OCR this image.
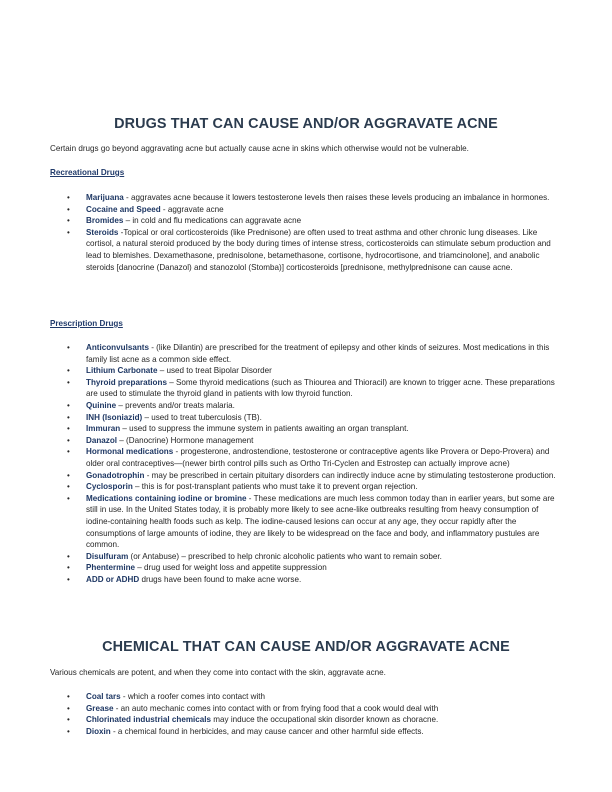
DRUGS THAT CAN CAUSE AND/OR AGGRAVATE ACNE

Certain drugs go beyond aggravating acne but actually cause acne in skins which otherwise would not be vulnerable.

Recreational Drugs

• Marijuana - aggravates acne because it lowers testosterone levels then raises these levels producing an imbalance in hormones.
• Cocaine and Speed - aggravate acne
• Bromides – in cold and flu medications can aggravate acne
• Steroids -Topical or oral corticosteroids (like Prednisone) are often used to treat asthma and other chronic lung diseases. Like cortisol, a natural steroid produced by the body during times of intense stress, corticosteroids can stimulate sebum production and lead to blemishes. Dexamethasone, prednisolone, betamethasone, cortisone, hydrocortisone, and triamcinolone], and anabolic steroids [danocrine (Danazol) and stanozolol (Stomba)] corticosteroids [prednisone, methylprednisone can cause acne.

Prescription Drugs

• Anticonvulsants - (like Dilantin) are prescribed for the treatment of epilepsy and other kinds of seizures. Most medications in this family list acne as a common side effect.
• Lithium Carbonate – used to treat Bipolar Disorder
• Thyroid preparations – Some thyroid medications (such as Thiourea and Thioracil) are known to trigger acne. These preparations are used to stimulate the thyroid gland in patients with low thyroid function.
• Quinine – prevents and/or treats malaria.
• INH (Isoniazid) – used to treat tuberculosis (TB).
• Immuran – used to suppress the immune system in patients awaiting an organ transplant.
• Danazol – (Danocrine) Hormone management
• Hormonal medications - progesterone, androstendione, testosterone or contraceptive agents like Provera or Depo-Provera) and older oral contraceptives—(newer birth control pills such as Ortho Tri-Cyclen and Estrostep can actually improve acne)
• Gonadotrophin - may be prescribed in certain pituitary disorders can indirectly induce acne by stimulating testosterone production.
• Cyclosporin – this is for post-transplant patients who must take it to prevent organ rejection.
• Medications containing iodine or bromine - These medications are much less common today than in earlier years, but some are still in use. In the United States today, it is probably more likely to see acne-like outbreaks resulting from heavy consumption of iodine-containing health foods such as kelp. The iodine-caused lesions can occur at any age, they occur rapidly after the consumptions of large amounts of iodine, they are likely to be widespread on the face and body, and inflammatory pustules are common.
• Disulfuram (or Antabuse) – prescribed to help chronic alcoholic patients who want to remain sober.
• Phentermine – drug used for weight loss and appetite suppression
• ADD or ADHD drugs have been found to make acne worse.
CHEMICAL THAT CAN CAUSE AND/OR AGGRAVATE ACNE

Various chemicals are potent, and when they come into contact with the skin, aggravate acne.

• Coal tars - which a roofer comes into contact with
• Grease - an auto mechanic comes into contact with or from frying food that a cook would deal with
• Chlorinated industrial chemicals may induce the occupational skin disorder known as choracne.
• Dioxin - a chemical found in herbicides, and may cause cancer and other harmful side effects.
